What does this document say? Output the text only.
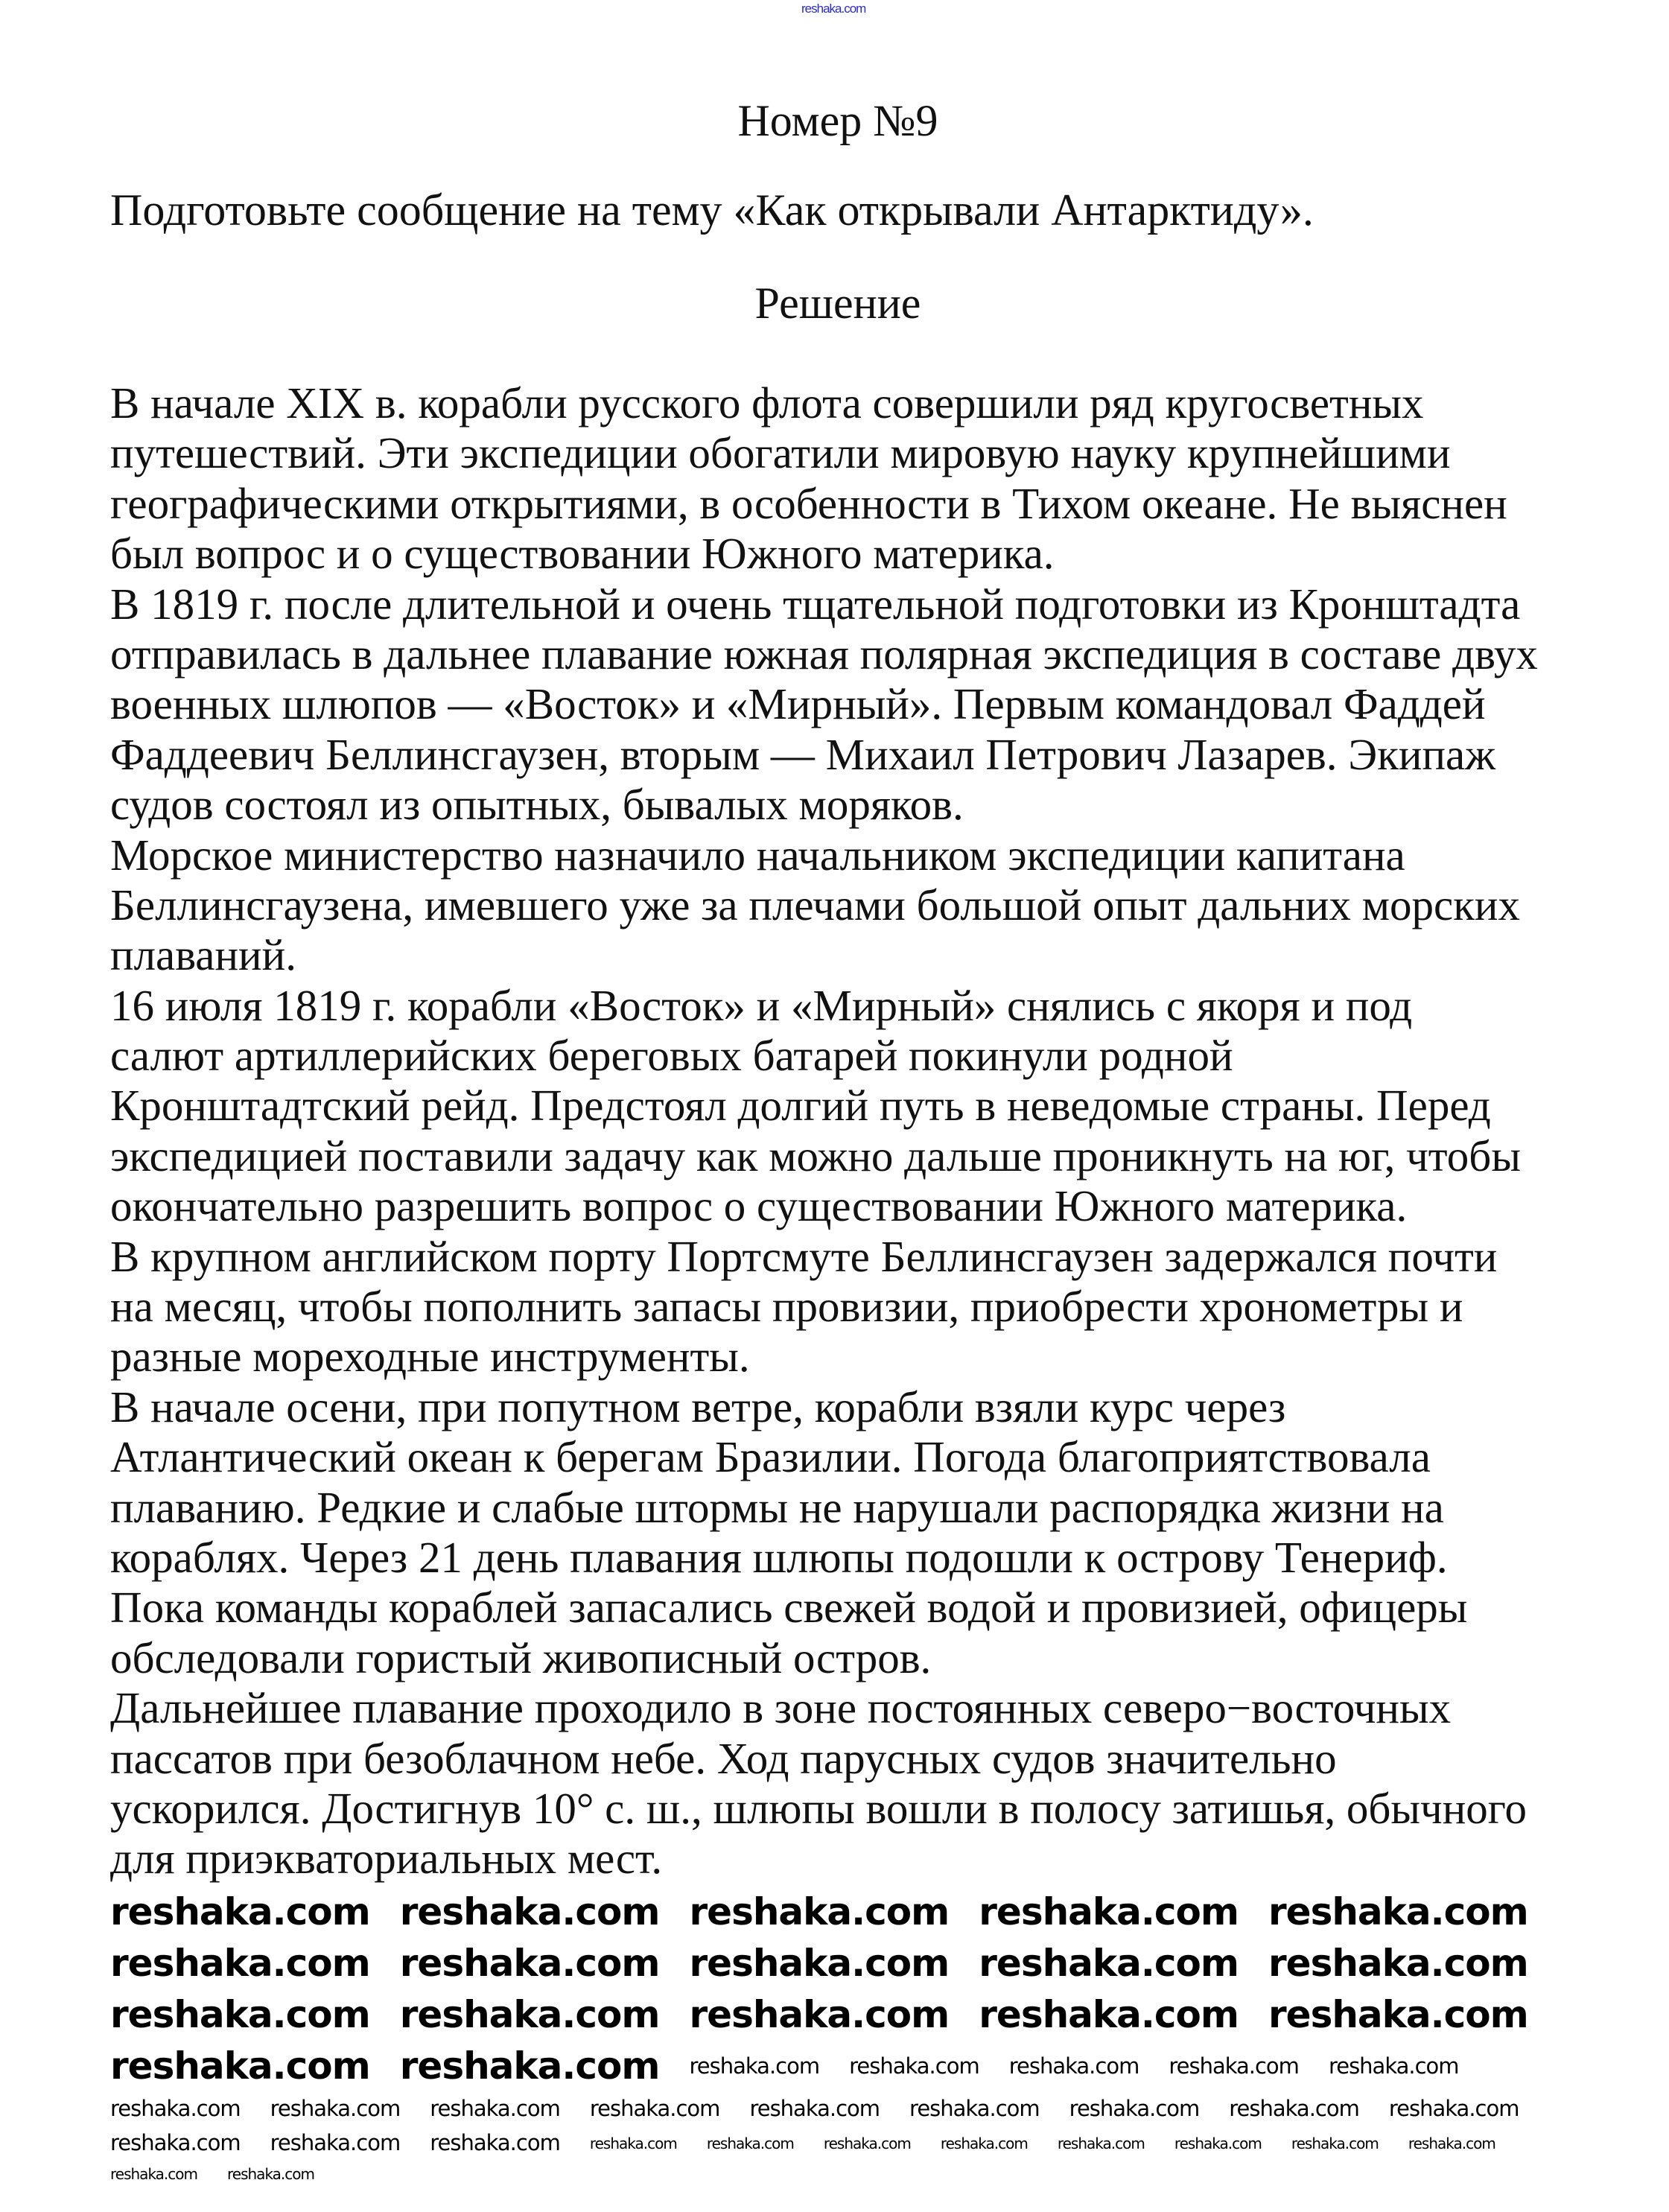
reshaka.com
Номер №9
Подготовьте сообщение на тему «Как открывали Антарктиду».
Решение
В начале XIX в. корабли русского флота совершили ряд кругосветных
путешествий. Эти экспедиции обогатили мировую науку крупнейшими
географическими открытиями, в особенности в Тихом океане. Не выяснен
был вопрос и о существовании Южного материка.
В 1819 г. после длительной и очень тщательной подготовки из Кронштадта
отправилась в дальнее плавание южная полярная экспедиция в составе двух
военных шлюпов — «Восток» и «Мирный». Первым командовал Фаддей
Фаддеевич Беллинсгаузен, вторым — Михаил Петрович Лазарев. Экипаж
судов состоял из опытных, бывалых моряков.
Морское министерство назначило начальником экспедиции капитана
Беллинсгаузена, имевшего уже за плечами большой опыт дальних морских
плаваний.
16 июля 1819 г. корабли «Восток» и «Мирный» снялись с якоря и под
салют артиллерийских береговых батарей покинули родной
Кронштадтский рейд. Предстоял долгий путь в неведомые страны. Перед
экспедицией поставили задачу как можно дальше проникнуть на юг, чтобы
окончательно разрешить вопрос о существовании Южного материка.
В крупном английском порту Портсмуте Беллинсгаузен задержался почти
на месяц, чтобы пополнить запасы провизии, приобрести хронометры и
разные мореходные инструменты.
В начале осени, при попутном ветре, корабли взяли курс через
Атлантический океан к берегам Бразилии. Погода благоприятствовала
плаванию. Редкие и слабые штормы не нарушали распорядка жизни на
кораблях. Через 21 день плавания шлюпы подошли к острову Тенериф.
Пока команды кораблей запасались свежей водой и провизией, офицеры
обследовали гористый живописный остров.
Дальнейшее плавание проходило в зоне постоянных северо−восточных
пассатов при безоблачном небе. Ход парусных судов значительно
ускорился. Достигнув 10° с. ш., шлюпы вошли в полосу затишья, обычного
для приэкваториальных мест.
reshaka.com reshaka.com reshaka.com reshaka.com reshaka.com
reshaka.com reshaka.com reshaka.com reshaka.com reshaka.com
reshaka.com reshaka.com reshaka.com reshaka.com reshaka.com
reshaka.com reshaka.com reshaka.com reshaka.com reshaka.com reshaka.com reshaka.com
reshaka.com reshaka.com reshaka.com reshaka.com reshaka.com reshaka.com reshaka.com reshaka.com reshaka.com
reshaka.com reshaka.com reshaka.com reshaka.com reshaka.com reshaka.com reshaka.com reshaka.com reshaka.com reshaka.com reshaka.com
reshaka.com reshaka.com
